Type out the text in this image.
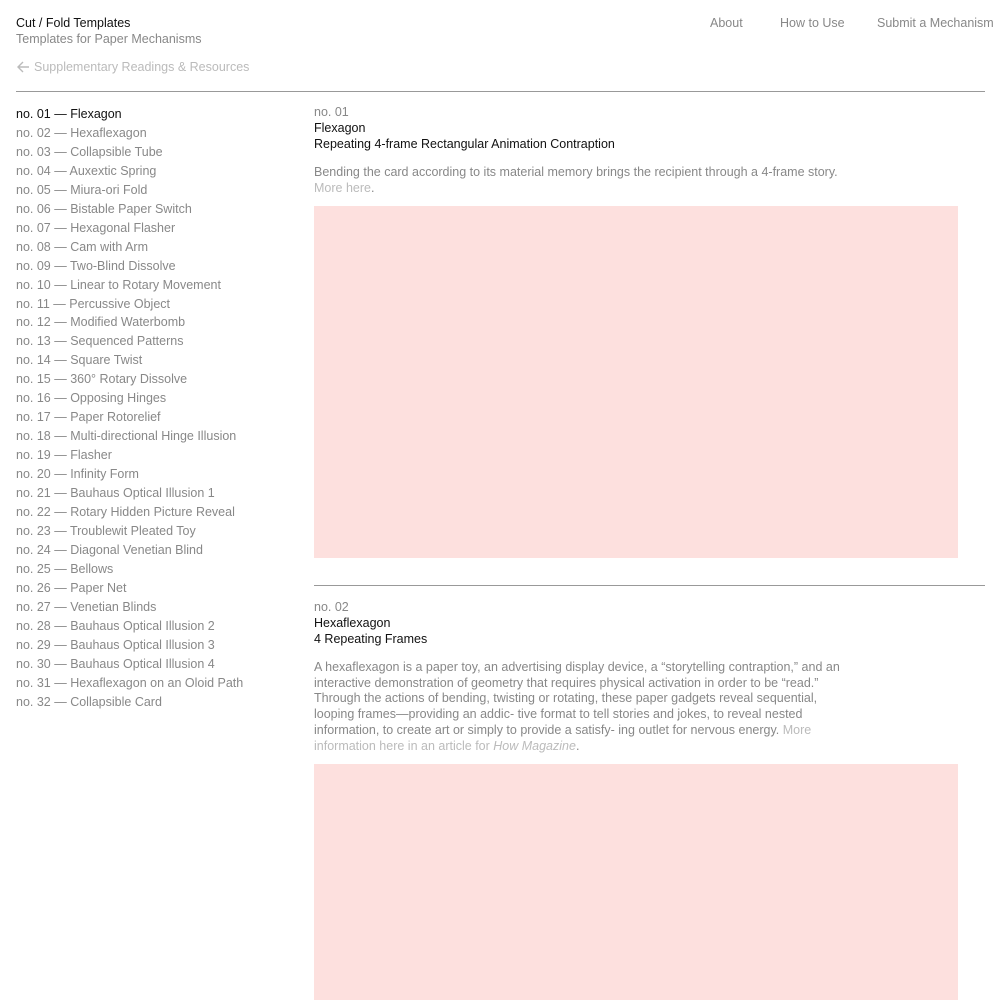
Cut / Fold Templates
Templates for Paper Mechanisms
About	How to Use	Submit a Mechanism
Supplementary Readings & Resources
no. 01 — Flexagon
no. 02 — Hexaflexagon
no. 03 — Collapsible Tube
no. 04 — Auxextic Spring
no. 05 — Miura-ori Fold
no. 06 — Bistable Paper Switch
no. 07 — Hexagonal Flasher
no. 08 — Cam with Arm
no. 09 — Two-Blind Dissolve
no. 10 — Linear to Rotary Movement
no. 11 — Percussive Object
no. 12 — Modified Waterbomb
no. 13 — Sequenced Patterns
no. 14 — Square Twist
no. 15 — 360° Rotary Dissolve
no. 16 — Opposing Hinges
no. 17 — Paper Rotorelief
no. 18 — Multi-directional Hinge Illusion
no. 19 — Flasher
no. 20 — Infinity Form
no. 21 — Bauhaus Optical Illusion 1
no. 22 — Rotary Hidden Picture Reveal
no. 23 — Troublewit Pleated Toy
no. 24 — Diagonal Venetian Blind
no. 25 — Bellows
no. 26 — Paper Net
no. 27 — Venetian Blinds
no. 28 — Bauhaus Optical Illusion 2
no. 29 — Bauhaus Optical Illusion 3
no. 30 — Bauhaus Optical Illusion 4
no. 31 — Hexaflexagon on an Oloid Path
no. 32 — Collapsible Card
no. 01
Flexagon
Repeating 4-frame Rectangular Animation Contraption
Bending the card according to its material memory brings the recipient through a 4-frame story. More here.
no. 02
Hexaflexagon
4 Repeating Frames
A hexaflexagon is a paper toy, an advertising display device, a “storytelling contraption,” and an interactive demonstration of geometry that requires physical activation in order to be “read.” Through the actions of bending, twisting or rotating, these paper gadgets reveal sequential, looping frames—providing an addic- tive format to tell stories and jokes, to reveal nested information, to create art or simply to provide a satisfy- ing outlet for nervous energy. More information here in an article for How Magazine.
